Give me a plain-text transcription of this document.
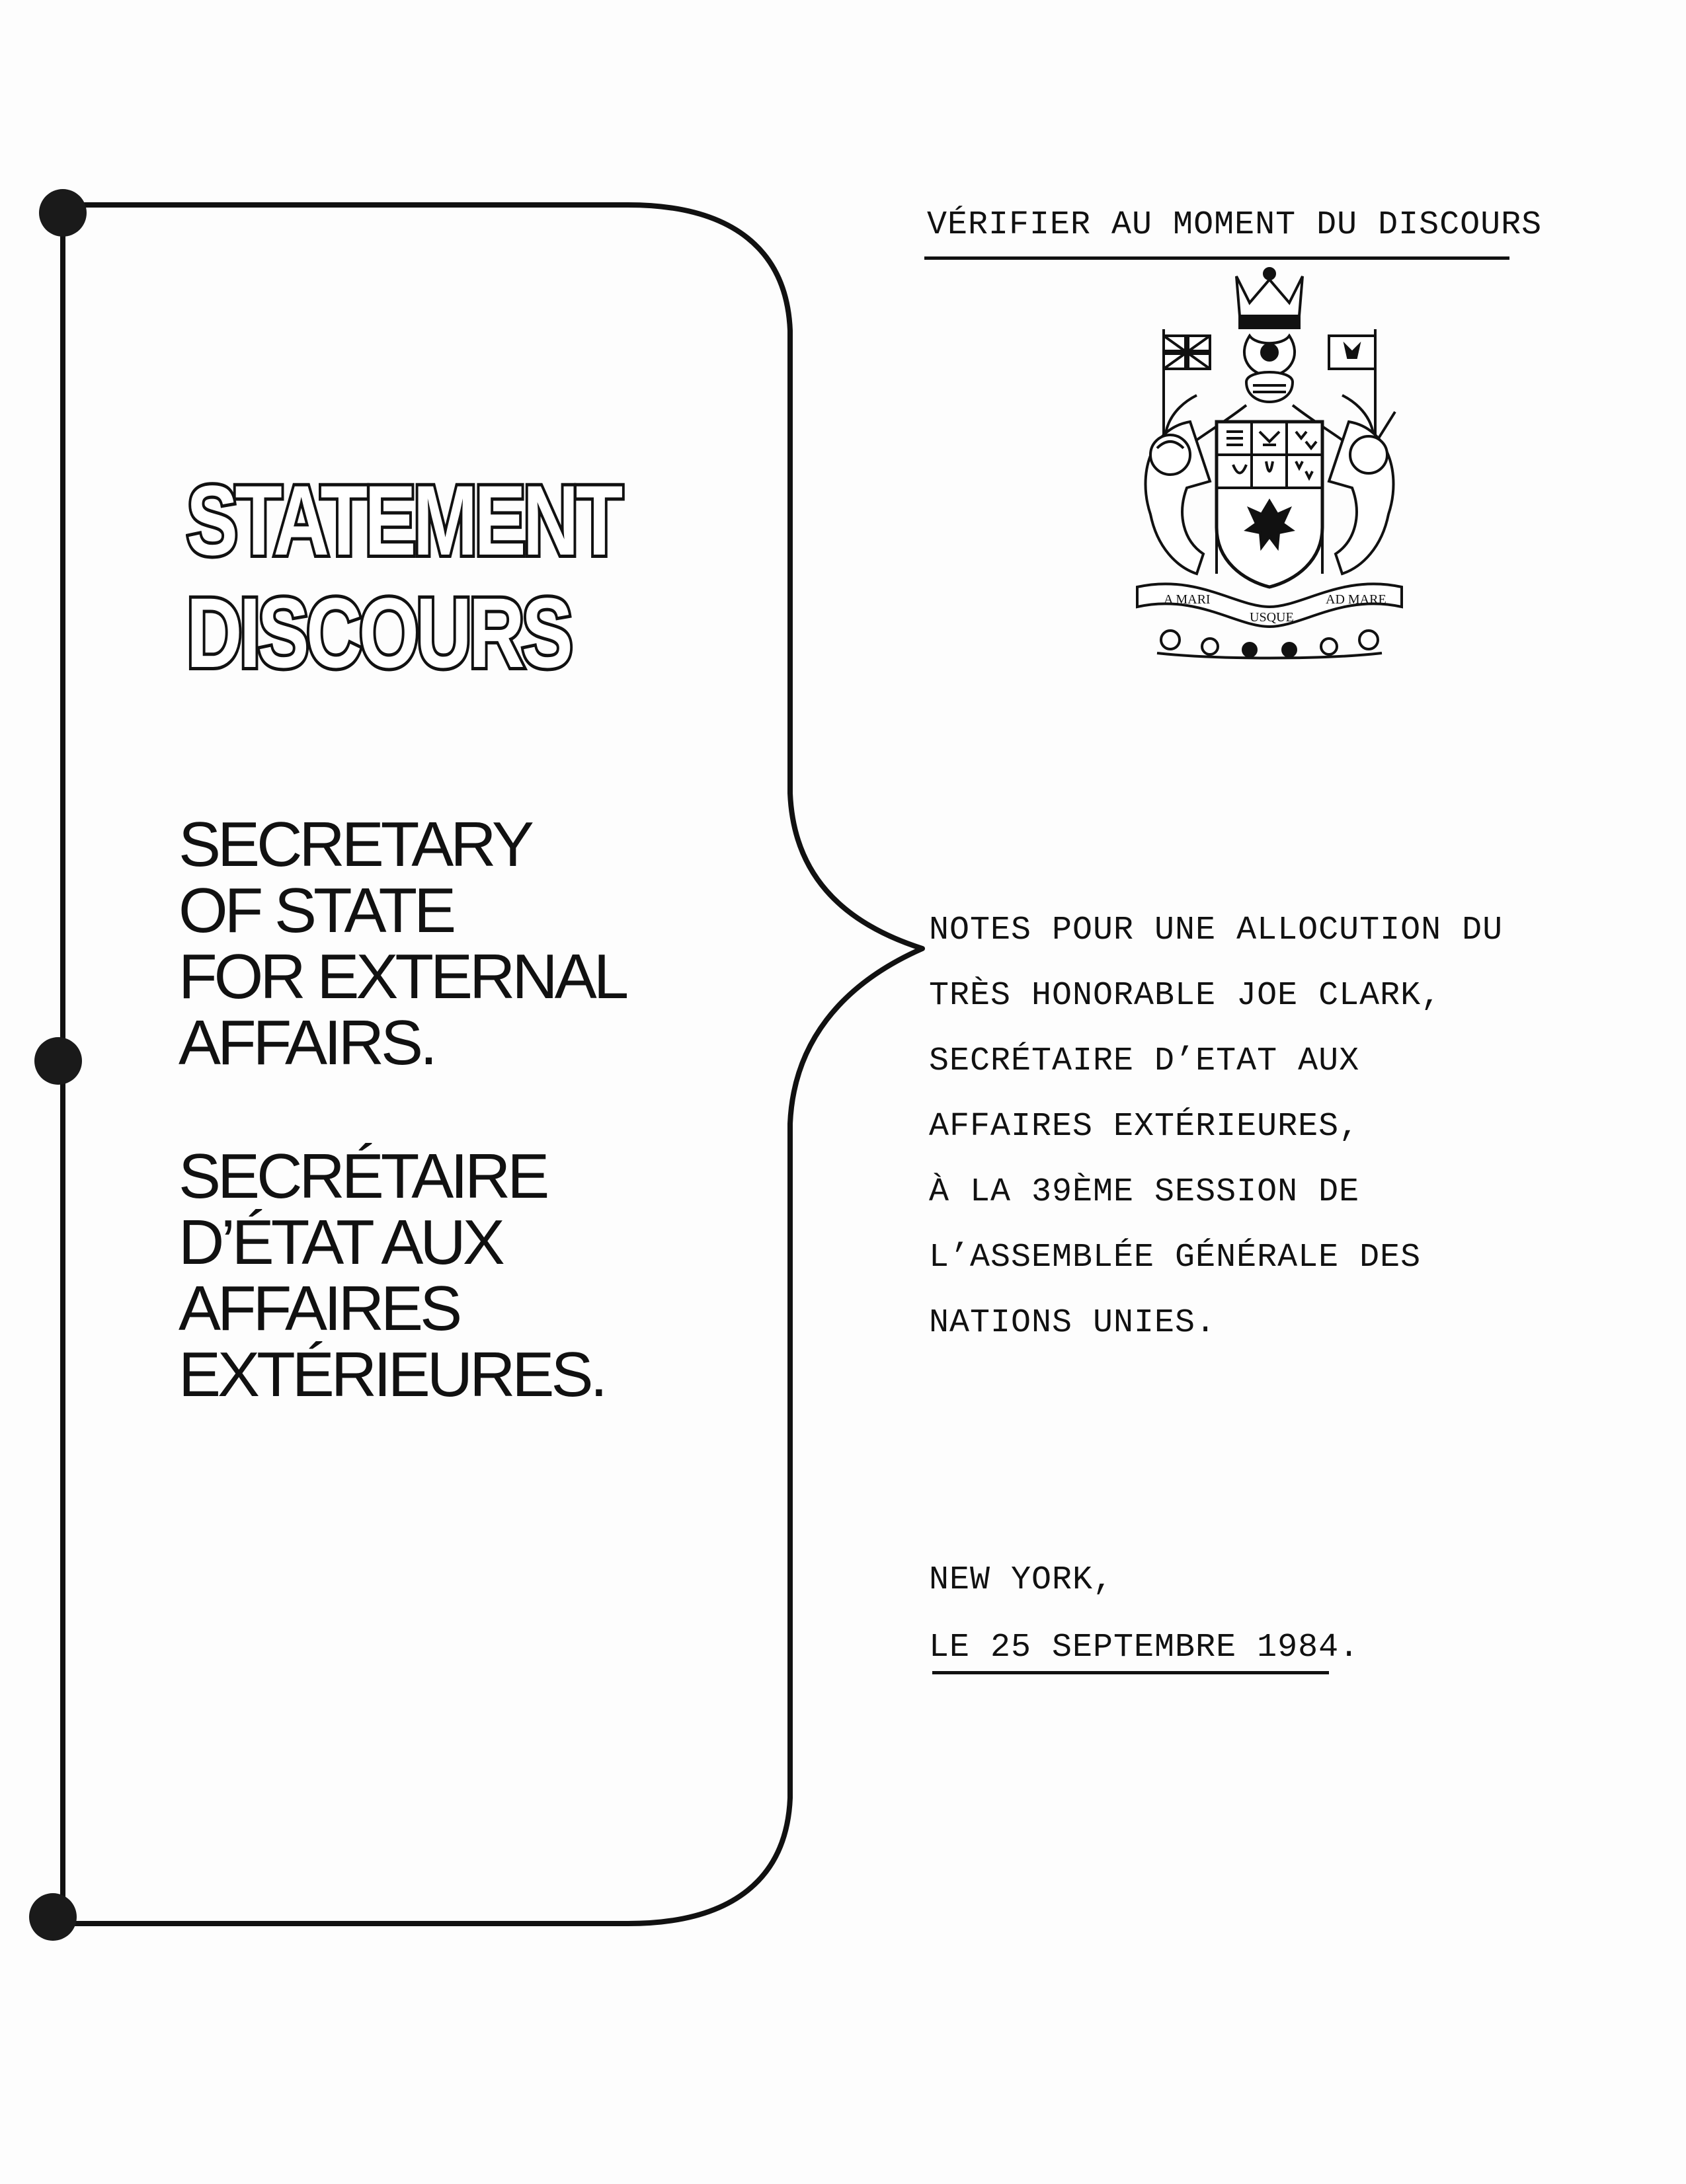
STATEMENT
DISCOURS
SECRETARY
OF STATE
FOR EXTERNAL
AFFAIRS.
SECRÉTAIRE
D’ÉTAT AUX
AFFAIRES
EXTÉRIEURES.
VÉRIFIER AU MOMENT DU DISCOURS
A MARI
USQUE
AD MARE
NOTES POUR UNE ALLOCUTION DU
TRÈS HONORABLE JOE CLARK,
SECRÉTAIRE D’ETAT AUX
AFFAIRES EXTÉRIEURES,
À LA 39ÈME SESSION DE
L’ASSEMBLÉE GÉNÉRALE DES
NATIONS UNIES.
NEW YORK,
LE 25 SEPTEMBRE 1984.
